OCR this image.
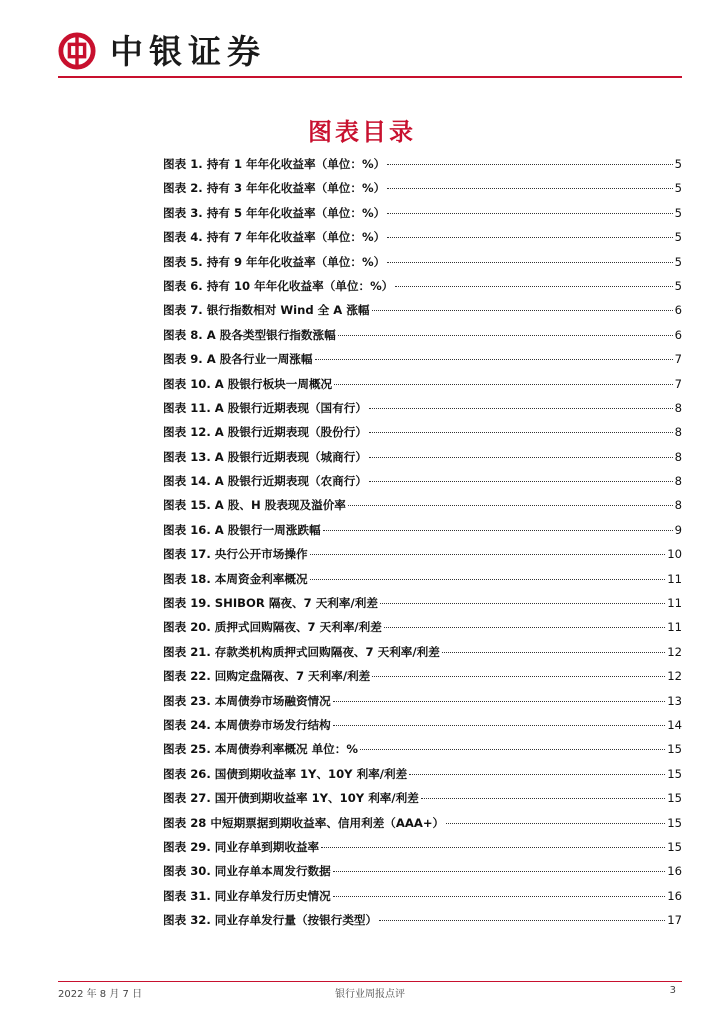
中银证券
图表目录
图表 1. 持有 1 年年化收益率（单位：%）	5
图表 2. 持有 3 年年化收益率（单位：%）	5
图表 3. 持有 5 年年化收益率（单位：%）	5
图表 4. 持有 7 年年化收益率（单位：%）	5
图表 5. 持有 9 年年化收益率（单位：%）	5
图表 6. 持有 10 年年化收益率（单位：%）	5
图表 7. 银行指数相对 Wind 全 A 涨幅	6
图表 8. A 股各类型银行指数涨幅	6
图表 9. A 股各行业一周涨幅	7
图表 10. A 股银行板块一周概况	7
图表 11. A 股银行近期表现（国有行）	8
图表 12. A 股银行近期表现（股份行）	8
图表 13. A 股银行近期表现（城商行）	8
图表 14. A 股银行近期表现（农商行）	8
图表 15. A 股、H 股表现及溢价率	8
图表 16. A 股银行一周涨跌幅	9
图表 17. 央行公开市场操作	10
图表 18. 本周资金利率概况	11
图表 19. SHIBOR 隔夜、7 天利率/利差	11
图表 20. 质押式回购隔夜、7 天利率/利差	11
图表 21. 存款类机构质押式回购隔夜、7 天利率/利差	12
图表 22. 回购定盘隔夜、7 天利率/利差	12
图表 23. 本周债券市场融资情况	13
图表 24. 本周债券市场发行结构	14
图表 25. 本周债券利率概况 单位：%	15
图表 26. 国债到期收益率 1Y、10Y 利率/利差	15
图表 27. 国开债到期收益率 1Y、10Y 利率/利差	15
图表 28 中短期票据到期收益率、信用利差（AAA+）	15
图表 29. 同业存单到期收益率	15
图表 30. 同业存单本周发行数据	16
图表 31. 同业存单发行历史情况	16
图表 32. 同业存单发行量（按银行类型）	17
2022 年 8 月 7 日	银行业周报点评	3
